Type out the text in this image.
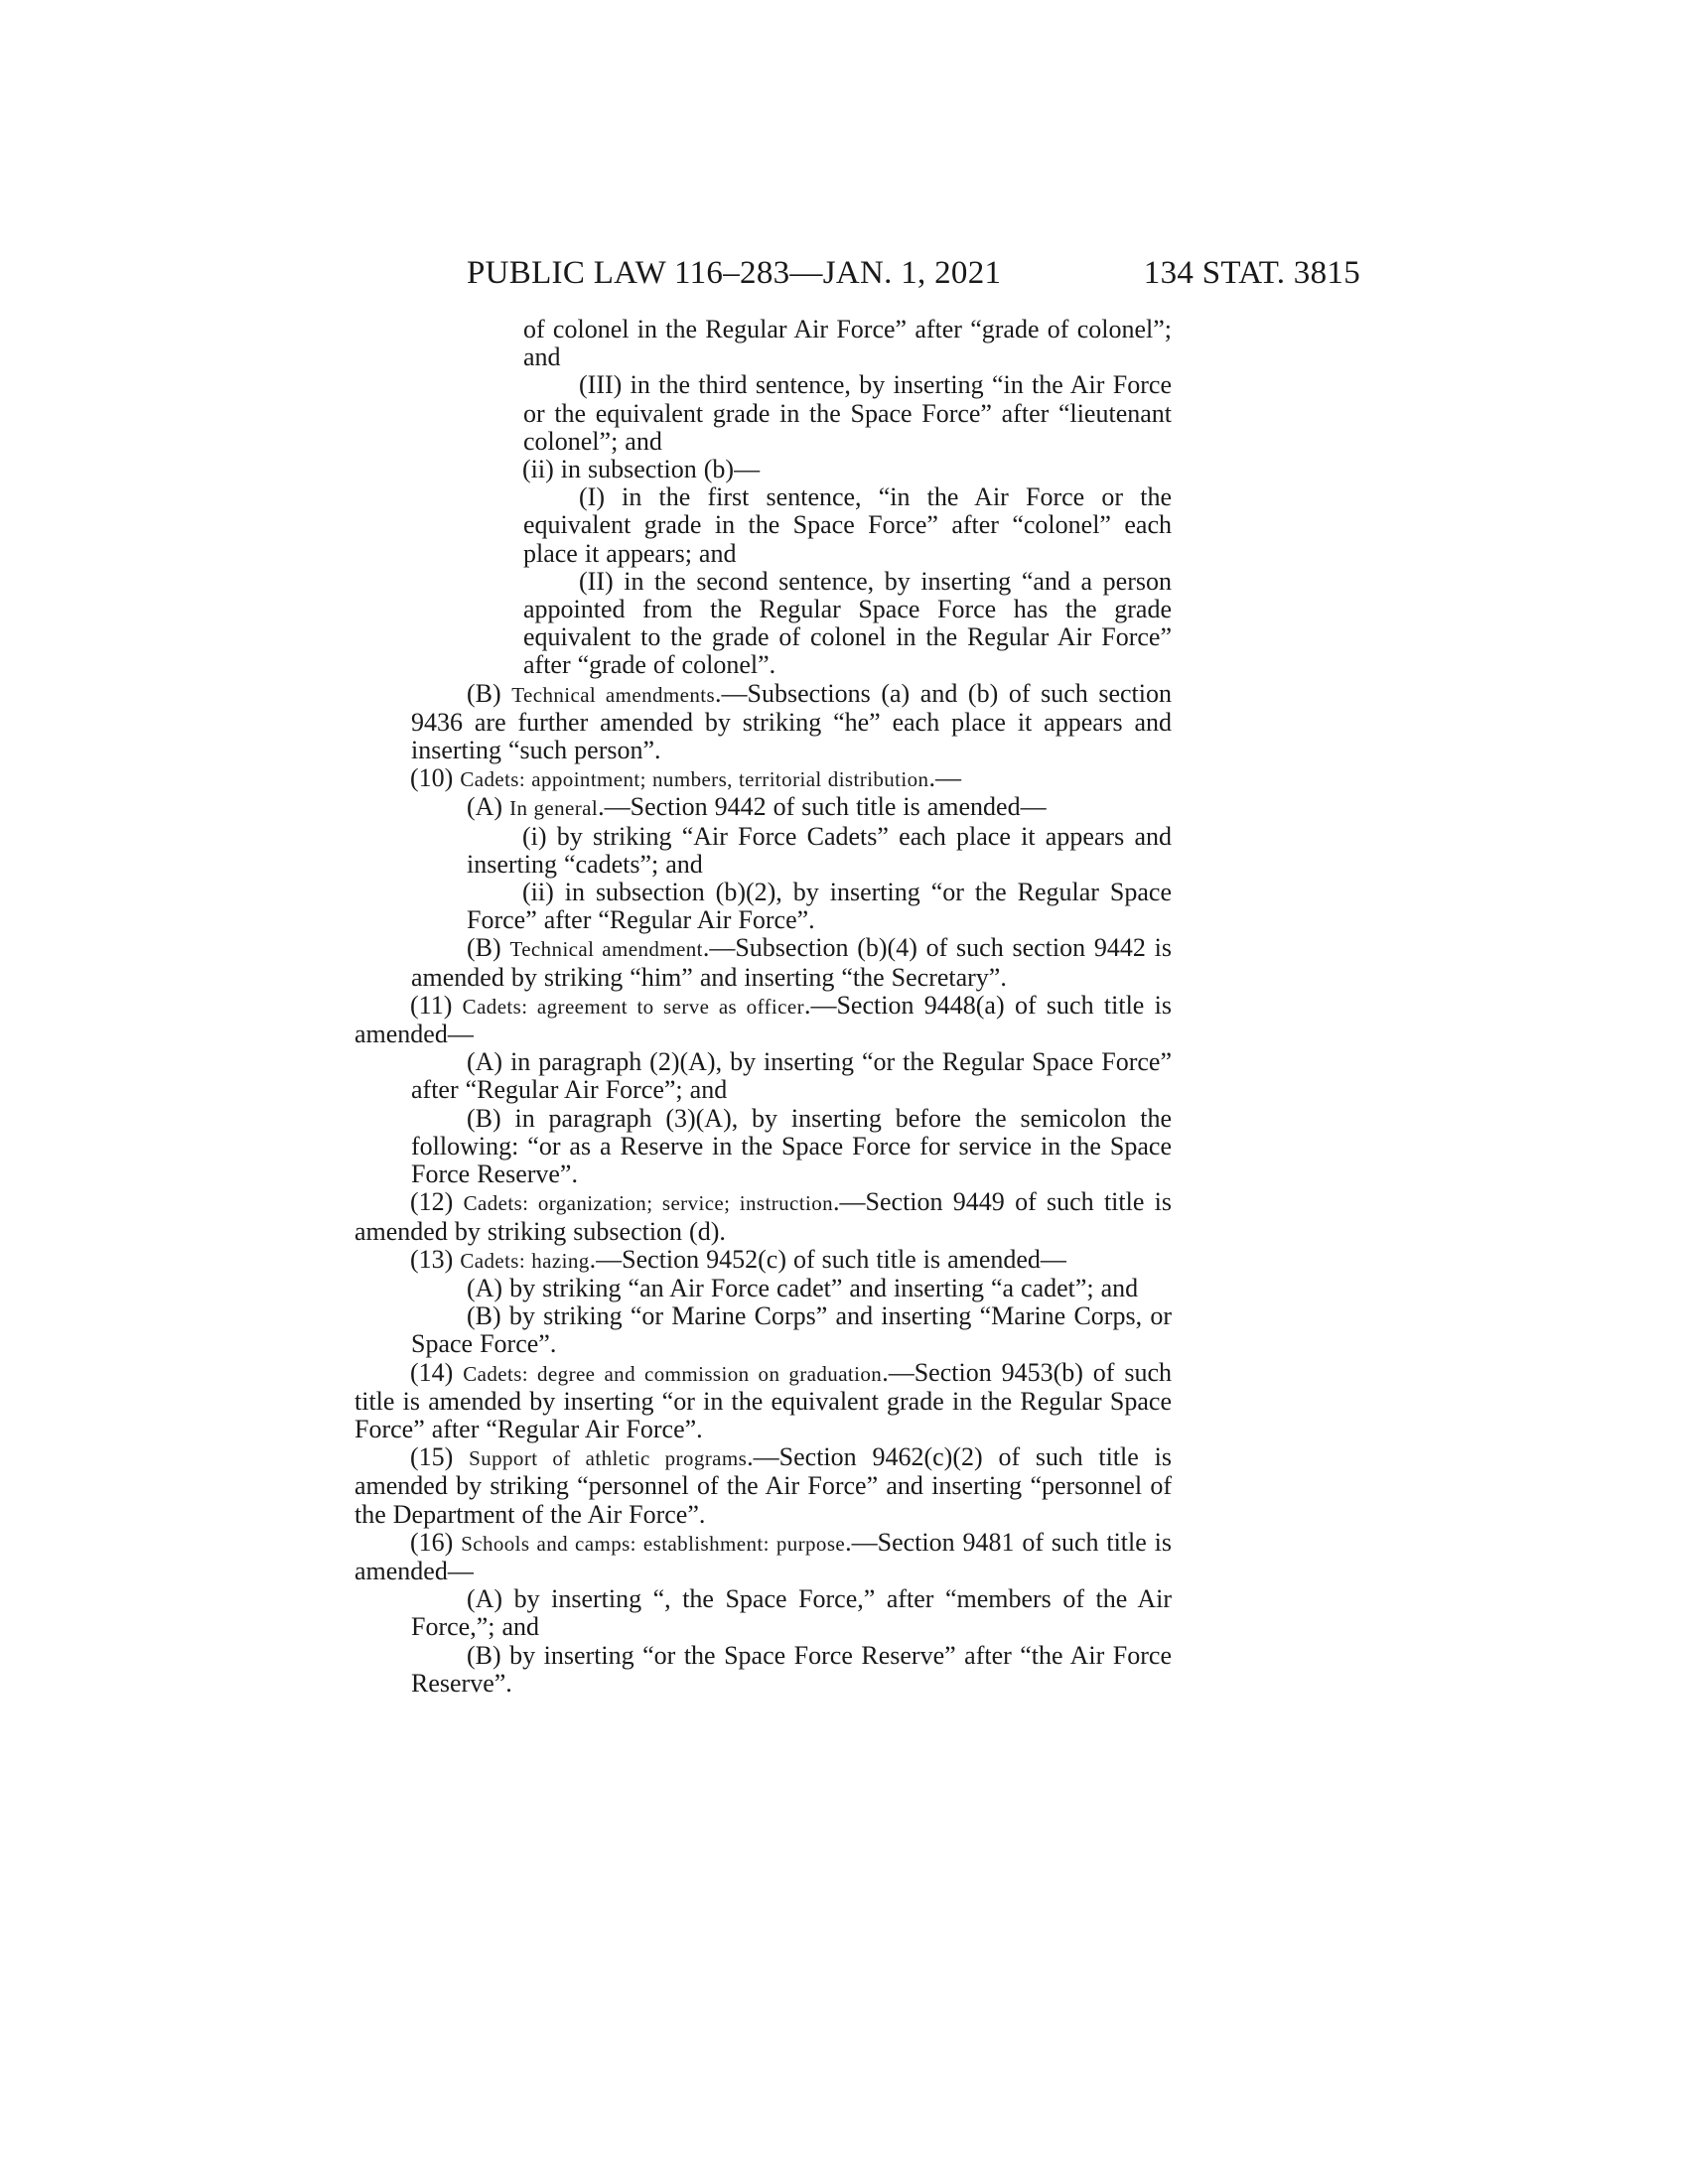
PUBLIC LAW 116–283—JAN. 1, 2021	134 STAT. 3815

of colonel in the Regular Air Force” after “grade of colonel”; and

(III) in the third sentence, by inserting “in the Air Force or the equivalent grade in the Space Force” after “lieutenant colonel”; and

(ii) in subsection (b)—

(I) in the first sentence, “in the Air Force or the equivalent grade in the Space Force” after “colonel” each place it appears; and

(II) in the second sentence, by inserting “and a person appointed from the Regular Space Force has the grade equivalent to the grade of colonel in the Regular Air Force” after “grade of colonel”.

(B) Technical amendments.—Subsections (a) and (b) of such section 9436 are further amended by striking “he” each place it appears and inserting “such person”.

(10) Cadets: appointment; numbers, territorial distribution.—

(A) In general.—Section 9442 of such title is amended—

(i) by striking “Air Force Cadets” each place it appears and inserting “cadets”; and

(ii) in subsection (b)(2), by inserting “or the Regular Space Force” after “Regular Air Force”.

(B) Technical amendment.—Subsection (b)(4) of such section 9442 is amended by striking “him” and inserting “the Secretary”.

(11) Cadets: agreement to serve as officer.—Section 9448(a) of such title is amended—

(A) in paragraph (2)(A), by inserting “or the Regular Space Force” after “Regular Air Force”; and

(B) in paragraph (3)(A), by inserting before the semicolon the following: “or as a Reserve in the Space Force for service in the Space Force Reserve”.

(12) Cadets: organization; service; instruction.—Section 9449 of such title is amended by striking subsection (d).

(13) Cadets: hazing.—Section 9452(c) of such title is amended—

(A) by striking “an Air Force cadet” and inserting “a cadet”; and

(B) by striking “or Marine Corps” and inserting “Marine Corps, or Space Force”.

(14) Cadets: degree and commission on graduation.—Section 9453(b) of such title is amended by inserting “or in the equivalent grade in the Regular Space Force” after “Regular Air Force”.

(15) Support of athletic programs.—Section 9462(c)(2) of such title is amended by striking “personnel of the Air Force” and inserting “personnel of the Department of the Air Force”.

(16) Schools and camps: establishment: purpose.—Section 9481 of such title is amended—

(A) by inserting “, the Space Force,” after “members of the Air Force,”; and

(B) by inserting “or the Space Force Reserve” after “the Air Force Reserve”.
